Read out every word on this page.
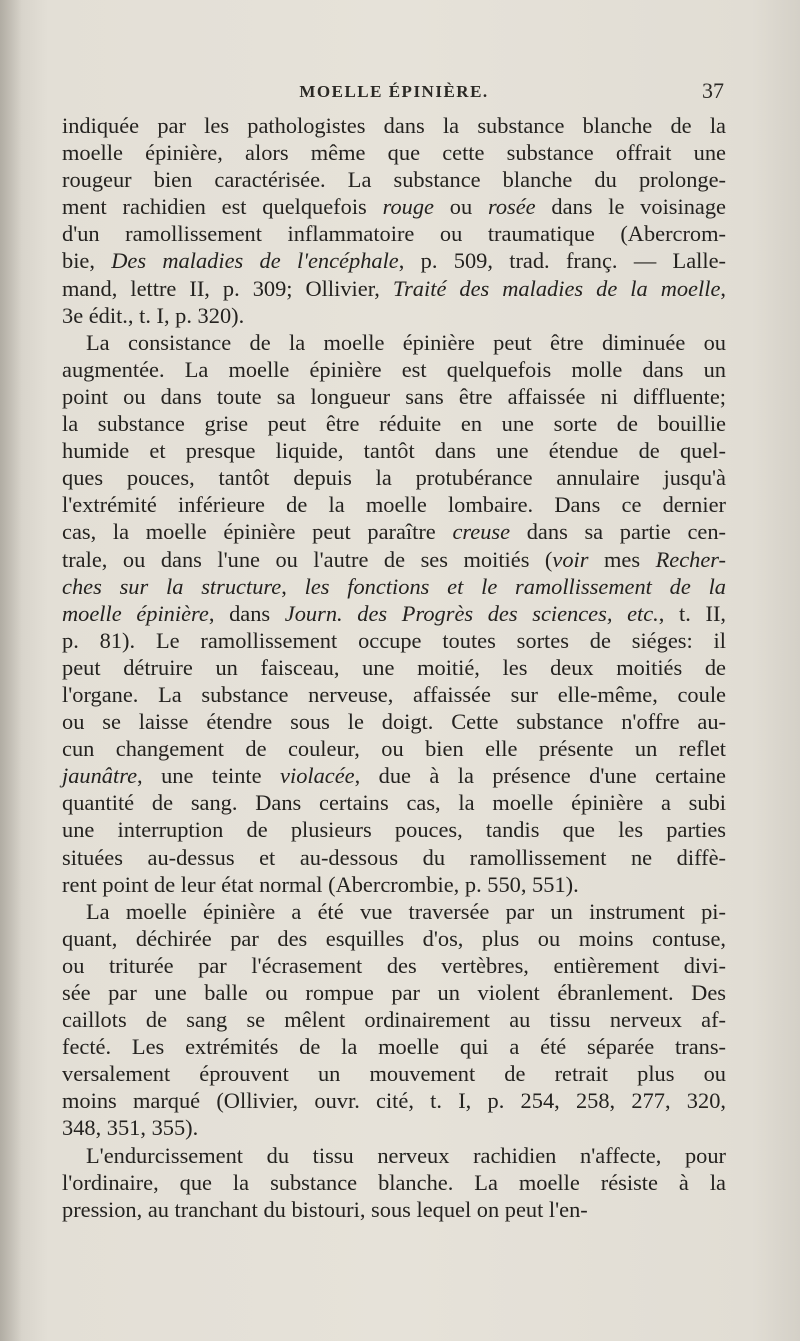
MOELLE ÉPINIÈRE.	37
indiquée par les pathologistes dans la substance blanche de la
moelle épinière, alors même que cette substance offrait une
rougeur bien caractérisée. La substance blanche du prolonge-
ment rachidien est quelquefois rouge ou rosée dans le voisinage
d'un ramollissement inflammatoire ou traumatique (Abercrom-
bie, Des maladies de l'encéphale, p. 509, trad. franç. — Lalle-
mand, lettre II, p. 309; Ollivier, Traité des maladies de la moelle,
3e édit., t. I, p. 320).
La consistance de la moelle épinière peut être diminuée ou
augmentée. La moelle épinière est quelquefois molle dans un
point ou dans toute sa longueur sans être affaissée ni diffluente;
la substance grise peut être réduite en une sorte de bouillie
humide et presque liquide, tantôt dans une étendue de quel-
ques pouces, tantôt depuis la protubérance annulaire jusqu'à
l'extrémité inférieure de la moelle lombaire. Dans ce dernier
cas, la moelle épinière peut paraître creuse dans sa partie cen-
trale, ou dans l'une ou l'autre de ses moitiés (voir mes Recher-
ches sur la structure, les fonctions et le ramollissement de la
moelle épinière, dans Journ. des Progrès des sciences, etc., t. II,
p. 81). Le ramollissement occupe toutes sortes de siéges: il
peut détruire un faisceau, une moitié, les deux moitiés de
l'organe. La substance nerveuse, affaissée sur elle-même, coule
ou se laisse étendre sous le doigt. Cette substance n'offre au-
cun changement de couleur, ou bien elle présente un reflet
jaunâtre, une teinte violacée, due à la présence d'une certaine
quantité de sang. Dans certains cas, la moelle épinière a subi
une interruption de plusieurs pouces, tandis que les parties
situées au-dessus et au-dessous du ramollissement ne diffè-
rent point de leur état normal (Abercrombie, p. 550, 551).
La moelle épinière a été vue traversée par un instrument pi-
quant, déchirée par des esquilles d'os, plus ou moins contuse,
ou triturée par l'écrasement des vertèbres, entièrement divi-
sée par une balle ou rompue par un violent ébranlement. Des
caillots de sang se mêlent ordinairement au tissu nerveux af-
fecté. Les extrémités de la moelle qui a été séparée trans-
versalement éprouvent un mouvement de retrait plus ou
moins marqué (Ollivier, ouvr. cité, t. I, p. 254, 258, 277, 320,
348, 351, 355).
L'endurcissement du tissu nerveux rachidien n'affecte, pour
l'ordinaire, que la substance blanche. La moelle résiste à la
pression, au tranchant du bistouri, sous lequel on peut l'en-
